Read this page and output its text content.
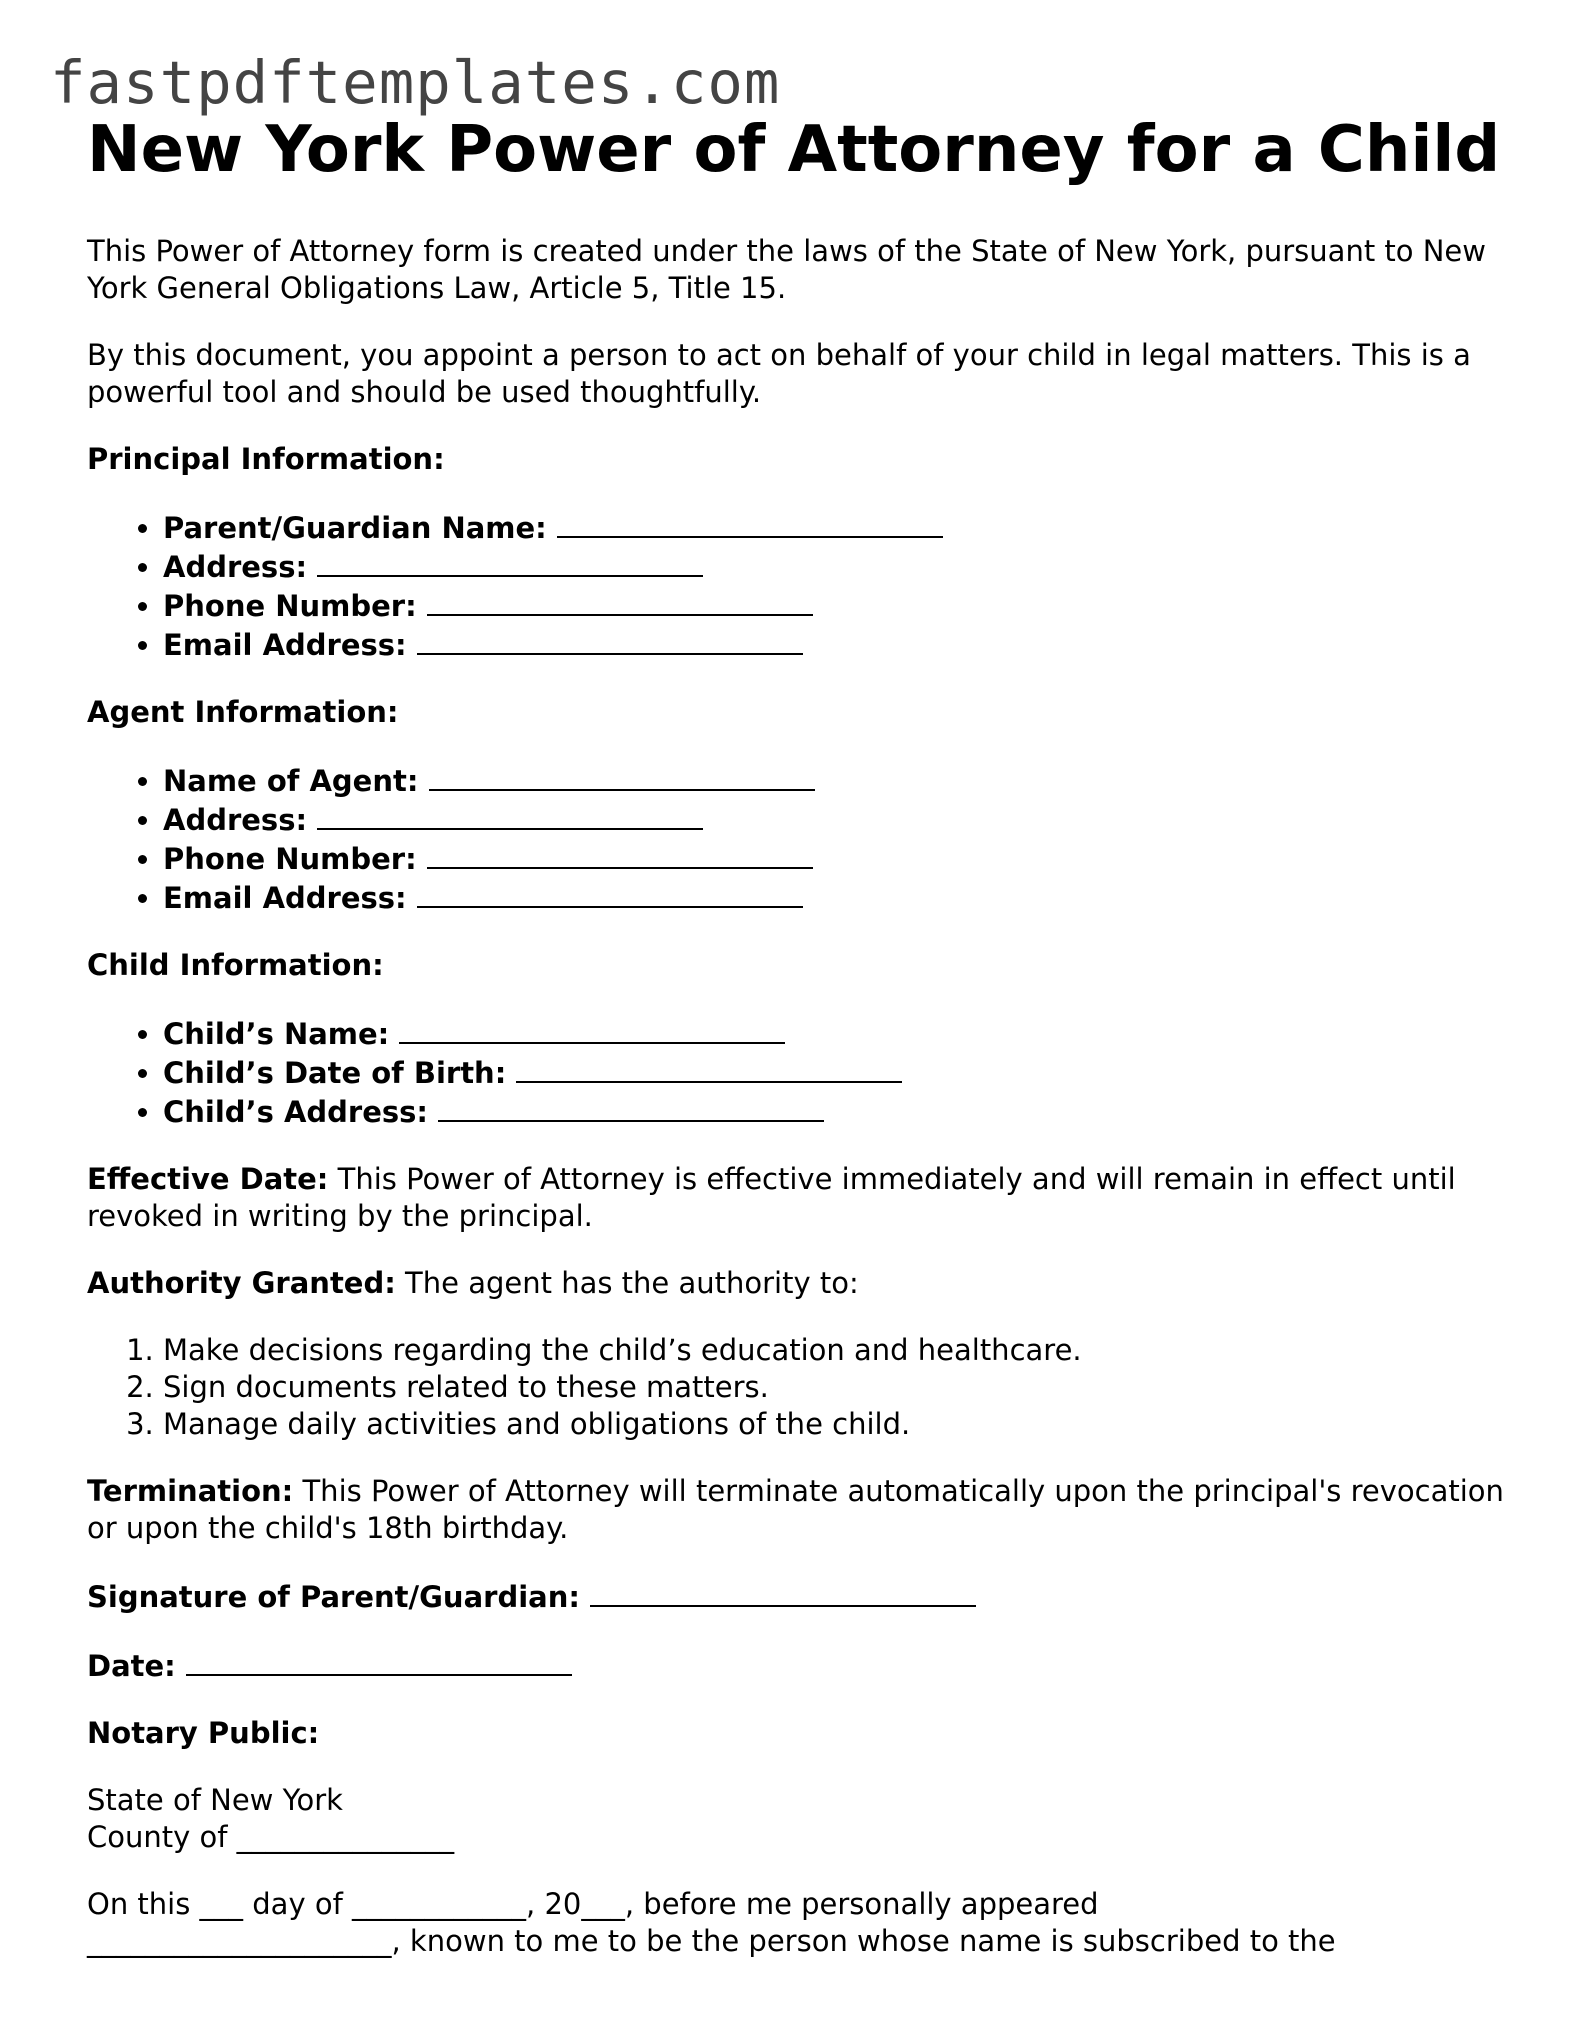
fastpdftemplates.com
New York Power of Attorney for a Child

This Power of Attorney form is created under the laws of the State of New York, pursuant to New York General Obligations Law, Article 5, Title 15.

By this document, you appoint a person to act on behalf of your child in legal matters. This is a powerful tool and should be used thoughtfully.

Principal Information:

• Parent/Guardian Name:
• Address:
• Phone Number:
• Email Address:

Agent Information:

• Name of Agent:
• Address:
• Phone Number:
• Email Address:

Child Information:

• Child’s Name:
• Child’s Date of Birth:
• Child’s Address:

Effective Date: This Power of Attorney is effective immediately and will remain in effect until revoked in writing by the principal.

Authority Granted: The agent has the authority to:

1. Make decisions regarding the child’s education and healthcare.
2. Sign documents related to these matters.
3. Manage daily activities and obligations of the child.

Termination: This Power of Attorney will terminate automatically upon the principal's revocation or upon the child's 18th birthday.

Signature of Parent/Guardian:

Date:

Notary Public:

State of New York
County of _______________

On this ___ day of ____________, 20___, before me personally appeared
_____________________, known to me to be the person whose name is subscribed to the
